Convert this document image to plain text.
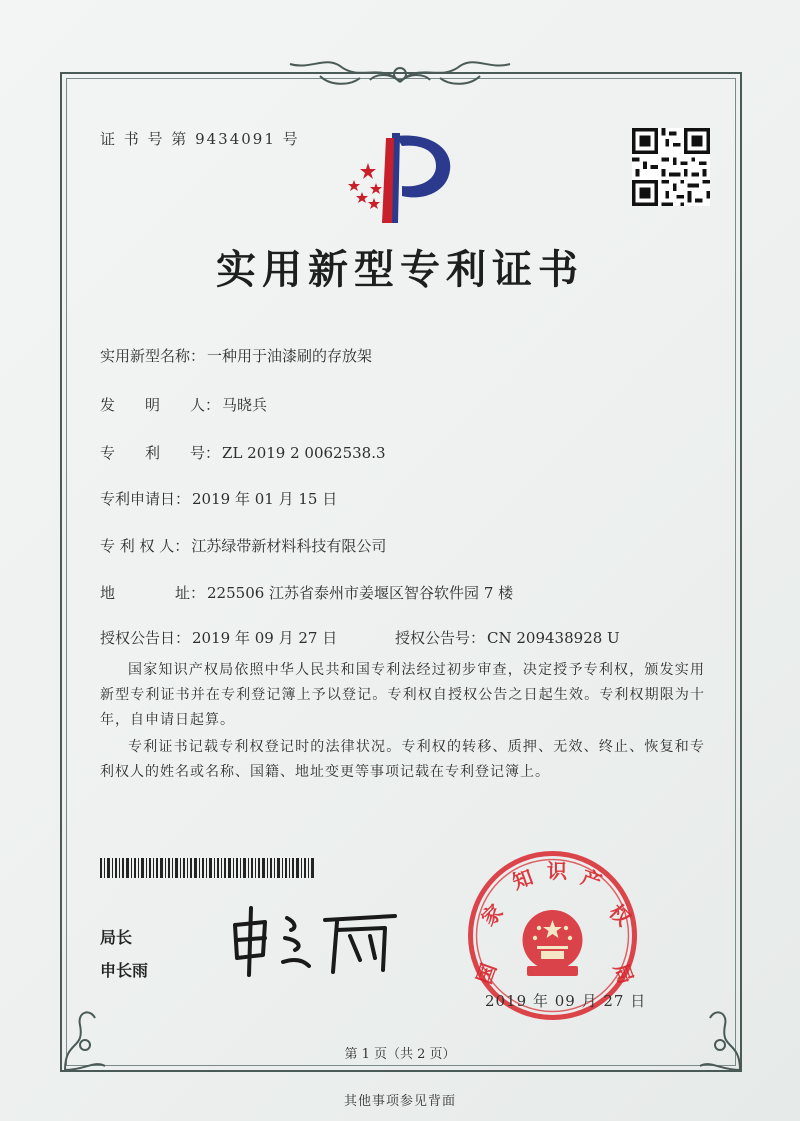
证 书 号 第 9434091 号
实用新型专利证书
实用新型名称： 一种用于油漆刷的存放架
发　　明　　人： 马晓兵
专　　利　　号： ZL 2019 2 0062538.3
专利申请日： 2019 年 01 月 15 日
专 利 权 人： 江苏绿带新材料科技有限公司
地　　　　址： 225506 江苏省泰州市姜堰区智谷软件园 7 楼
授权公告日： 2019 年 09 月 27 日	授权公告号： CN 209438928 U
国家知识产权局依照中华人民共和国专利法经过初步审查，决定授予专利权，颁发实用新型专利证书并在专利登记簿上予以登记。专利权自授权公告之日起生效。专利权期限为十年，自申请日起算。
专利证书记载专利权登记时的法律状况。专利权的转移、质押、无效、终止、恢复和专利权人的姓名或名称、国籍、地址变更等事项记载在专利登记簿上。
局长
申长雨	国
家
知 识 产
权
局
2019 年 09 月 27 日
第 1 页（共 2 页）
其他事项参见背面
